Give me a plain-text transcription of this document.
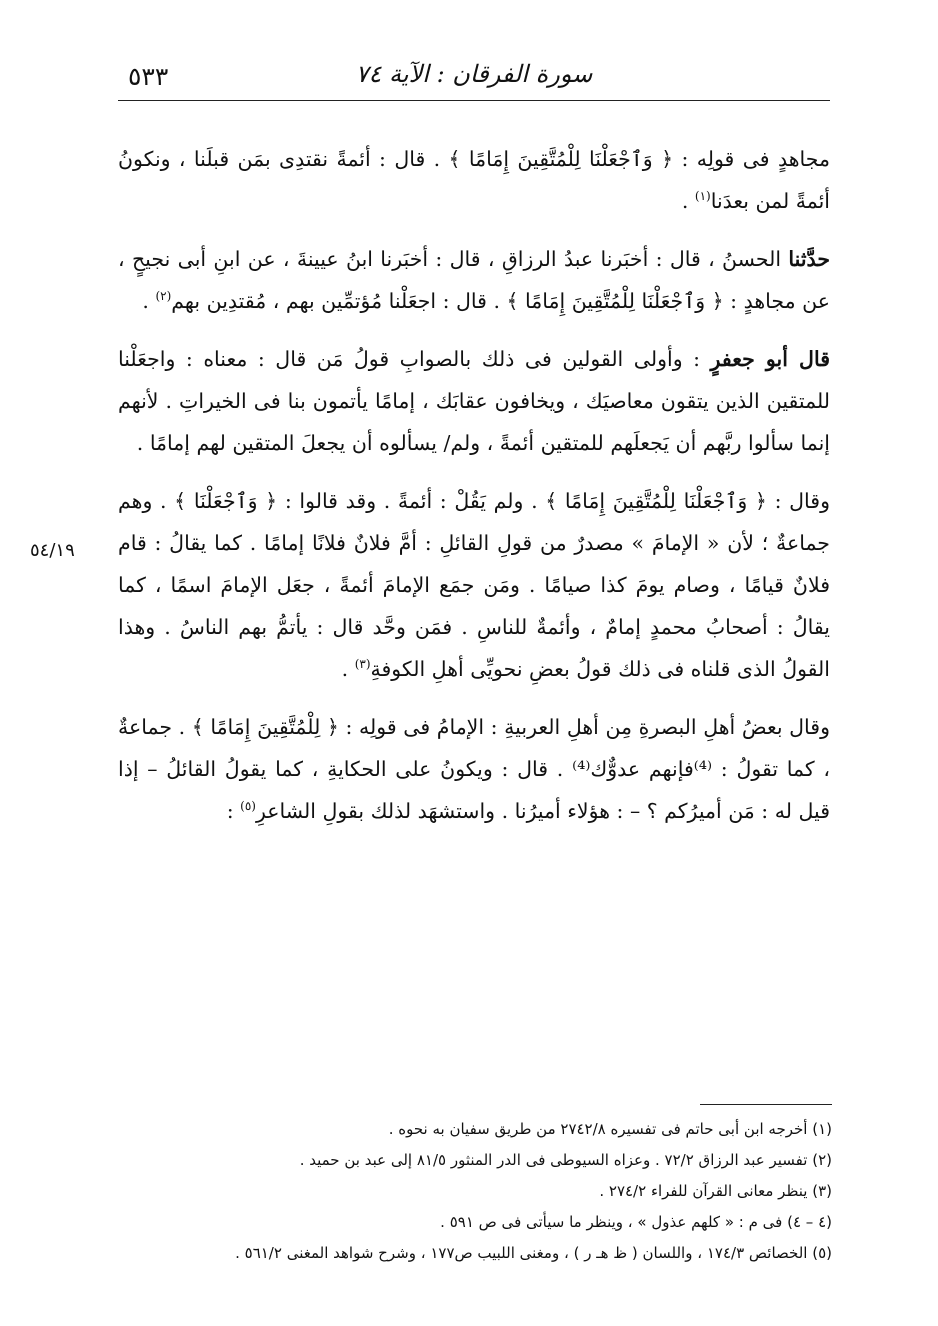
٥٣٣	سورة الفرقان : الآية ٧٤

مجاهدٍ فى قولِه : ﴿ وَٱجْعَلْنَا لِلْمُتَّقِينَ إِمَامًا ﴾ . قال : أئمةً نقتدِى بمَن قبلَنا ، ونكونُ أئمةً لمن بعدَنا$^{(١)}$ .

حدَّثنا الحسنُ ، قال : أخبَرنا عبدُ الرزاقِ ، قال : أخبَرنا ابنُ عيينةَ ، عن ابنِ أبى نجيحٍ ، عن مجاهدٍ : ﴿ وَٱجْعَلْنَا لِلْمُتَّقِينَ إِمَامًا ﴾ . قال : اجعَلْنا مُؤتمِّين بهم ، مُقتدِين بهم$^{(٢)}$ .

قال أبو جعفرٍ : وأولى القولين فى ذلك بالصوابِ قولُ مَن قال : معناه : واجعَلْنا للمتقين الذين يتقون معاصيَك ، ويخافون عقابَك ، إمامًا يأتمون بنا فى الخيراتِ . لأنهم إنما سألوا ربَّهم أن يَجعلَهم للمتقين أئمةً ، ولم/ يسألوه أن يجعلَ المتقين لهم إمامًا .

وقال : ﴿ وَٱجْعَلْنَا لِلْمُتَّقِينَ إِمَامًا ﴾ . ولم يَقُلْ : أئمةً . وقد قالوا : ﴿ وَٱجْعَلْنَا ﴾ . وهم جماعةٌ ؛ لأن « الإمامَ » مصدرٌ من قولِ القائلِ : أمَّ فلانٌ فلانًا إمامًا . كما يقالُ : قام فلانٌ قيامًا ، وصام يومَ كذا صيامًا . ومَن جمَع الإمامَ أئمةً ، جعَل الإمامَ اسمًا ، كما يقالُ : أصحابُ محمدٍ إمامٌ ، وأئمةٌ للناسِ . فمَن وحَّد قال : يأتمُّ بهم الناسُ . وهذا القولُ الذى قلناه فى ذلك قولُ بعضِ نحويِّى أهلِ الكوفةِ$^{(٣)}$ .

وقال بعضُ أهلِ البصرةِ مِن أهلِ العربيةِ : الإمامُ فى قولِه : ﴿ لِلْمُتَّقِينَ إِمَامًا ﴾ . جماعةٌ ، كما تقولُ : ⁽⁴⁾فإنهم عدوٌّك⁽⁴⁾ . قال : ويكونُ على الحكايةِ ، كما يقولُ القائلُ – إذا قيل له : مَن أميرُكم ؟ – : هؤلاء أميرُنا . واستشهَد لذلك بقولِ الشاعرِ$^{(٥)}$ :

٥٤/١٩

(١) أخرجه ابن أبى حاتم فى تفسيره ٢٧٤٢/٨ من طريق سفيان به نحوه .

(٢) تفسير عبد الرزاق ٧٢/٢ . وعزاه السيوطى فى الدر المنثور ٨١/٥ إلى عبد بن حميد .

(٣) ينظر معانى القرآن للفراء ٢٧٤/٢ .

(٤ – ٤) فى م : « كلهم عذول » ، وينظر ما سيأتى فى ص ٥٩١ .

(٥) الخصائص ١٧٤/٣ ، واللسان ( ظ هـ ر ) ، ومغنى اللبيب ص١٧٧ ، وشرح شواهد المغنى ٥٦١/٢ .
